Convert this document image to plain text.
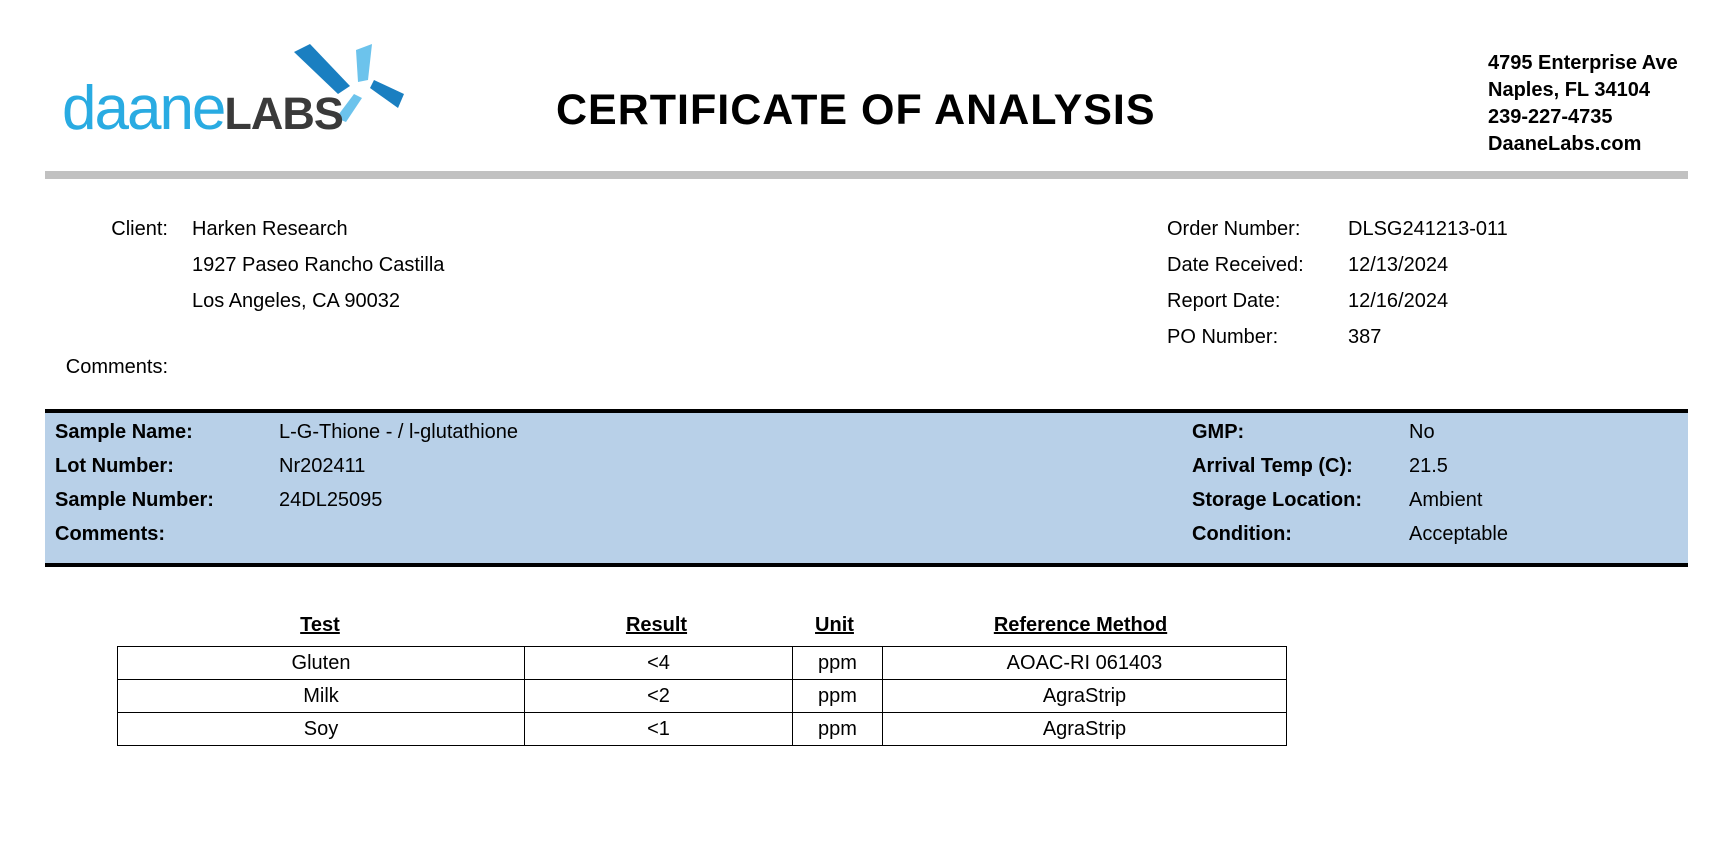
daaneLABS	CERTIFICATE OF ANALYSIS
4795 Enterprise Ave
Naples, FL 34104
239-227-4735
DaaneLabs.com
Client: Harken Research
1927 Paseo Rancho Castilla
Los Angeles, CA 90032
Comments:
Order Number: DLSG241213-011
Date Received: 12/13/2024
Report Date:	12/16/2024
PO Number:	387
Sample Name:	L-G-Thione - / l-glutathione
Lot Number:	Nr202411
Sample Number:	24DL25095
Comments:
GMP:	No
Arrival Temp (C):	21.5
Storage Location: Ambient
Condition:	Acceptable
Test	Result	Unit	Reference Method
Gluten	<4	ppm	AOAC-RI 061403
Milk	<2	ppm	AgraStrip
Soy	<1	ppm	AgraStrip
